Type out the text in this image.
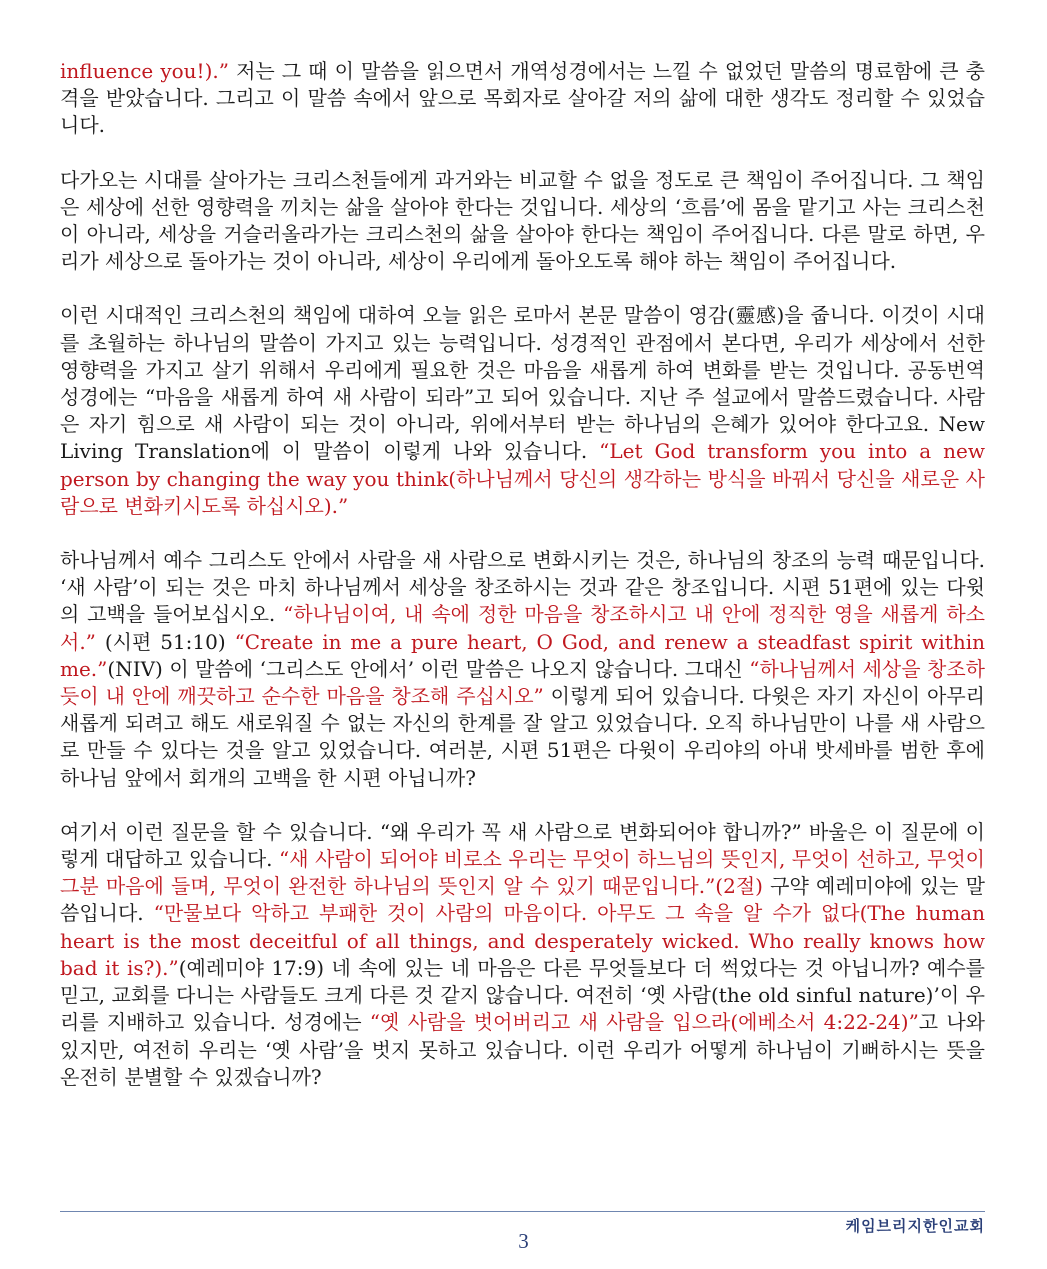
influence you!).” 저는 그 때 이 말씀을 읽으면서 개역성경에서는 느낄 수 없었던 말씀의 명료함에 큰 충격을 받았습니다. 그리고 이 말씀 속에서 앞으로 목회자로 살아갈 저의 삶에 대한 생각도 정리할 수 있었습니다.

다가오는 시대를 살아가는 크리스천들에게 과거와는 비교할 수 없을 정도로 큰 책임이 주어집니다. 그 책임은 세상에 선한 영향력을 끼치는 삶을 살아야 한다는 것입니다. 세상의 ‘흐름’에 몸을 맡기고 사는 크리스천이 아니라, 세상을 거슬러올라가는 크리스천의 삶을 살아야 한다는 책임이 주어집니다. 다른 말로 하면, 우리가 세상으로 돌아가는 것이 아니라, 세상이 우리에게 돌아오도록 해야 하는 책임이 주어집니다.

이런 시대적인 크리스천의 책임에 대하여 오늘 읽은 로마서 본문 말씀이 영감(靈感)을 줍니다. 이것이 시대를 초월하는 하나님의 말씀이 가지고 있는 능력입니다. 성경적인 관점에서 본다면, 우리가 세상에서 선한 영향력을 가지고 살기 위해서 우리에게 필요한 것은 마음을 새롭게 하여 변화를 받는 것입니다. 공동번역 성경에는 “마음을 새롭게 하여 새 사람이 되라”고 되어 있습니다. 지난 주 설교에서 말씀드렸습니다. 사람은 자기 힘으로 새 사람이 되는 것이 아니라, 위에서부터 받는 하나님의 은혜가 있어야 한다고요. New Living Translation에 이 말씀이 이렇게 나와 있습니다. “Let God transform you into a new person by changing the way you think(하나님께서 당신의 생각하는 방식을 바꿔서 당신을 새로운 사람으로 변화키시도록 하십시오).”

하나님께서 예수 그리스도 안에서 사람을 새 사람으로 변화시키는 것은, 하나님의 창조의 능력 때문입니다. ‘새 사람’이 되는 것은 마치 하나님께서 세상을 창조하시는 것과 같은 창조입니다. 시편 51편에 있는 다윗의 고백을 들어보십시오. “하나님이여, 내 속에 정한 마음을 창조하시고 내 안에 정직한 영을 새롭게 하소서.” (시편 51:10) “Create in me a pure heart, O God, and renew a steadfast spirit within me.”(NIV) 이 말씀에 ‘그리스도 안에서’ 이런 말씀은 나오지 않습니다. 그대신 “하나님께서 세상을 창조하듯이 내 안에 깨끗하고 순수한 마음을 창조해 주십시오” 이렇게 되어 있습니다. 다윗은 자기 자신이 아무리 새롭게 되려고 해도 새로워질 수 없는 자신의 한계를 잘 알고 있었습니다. 오직 하나님만이 나를 새 사람으로 만들 수 있다는 것을 알고 있었습니다. 여러분, 시편 51편은 다윗이 우리야의 아내 밧세바를 범한 후에 하나님 앞에서 회개의 고백을 한 시편 아닙니까?

여기서 이런 질문을 할 수 있습니다. “왜 우리가 꼭 새 사람으로 변화되어야 합니까?” 바울은 이 질문에 이렇게 대답하고 있습니다. “새 사람이 되어야 비로소 우리는 무엇이 하느님의 뜻인지, 무엇이 선하고, 무엇이 그분 마음에 들며, 무엇이 완전한 하나님의 뜻인지 알 수 있기 때문입니다.”(2절) 구약 예레미야에 있는 말씀입니다. “만물보다 악하고 부패한 것이 사람의 마음이다. 아무도 그 속을 알 수가 없다(The human heart is the most deceitful of all things, and desperately wicked. Who really knows how bad it is?).”(예레미야 17:9) 네 속에 있는 네 마음은 다른 무엇들보다 더 썩었다는 것 아닙니까? 예수를 믿고, 교회를 다니는 사람들도 크게 다른 것 같지 않습니다. 여전히 ‘옛 사람(the old sinful nature)’이 우리를 지배하고 있습니다. 성경에는 “옛 사람을 벗어버리고 새 사람을 입으라(에베소서 4:22-24)”고 나와 있지만, 여전히 우리는 ‘옛 사람’을 벗지 못하고 있습니다. 이런 우리가 어떻게 하나님이 기뻐하시는 뜻을 온전히 분별할 수 있겠습니까?

케임브리지한인교회
3
